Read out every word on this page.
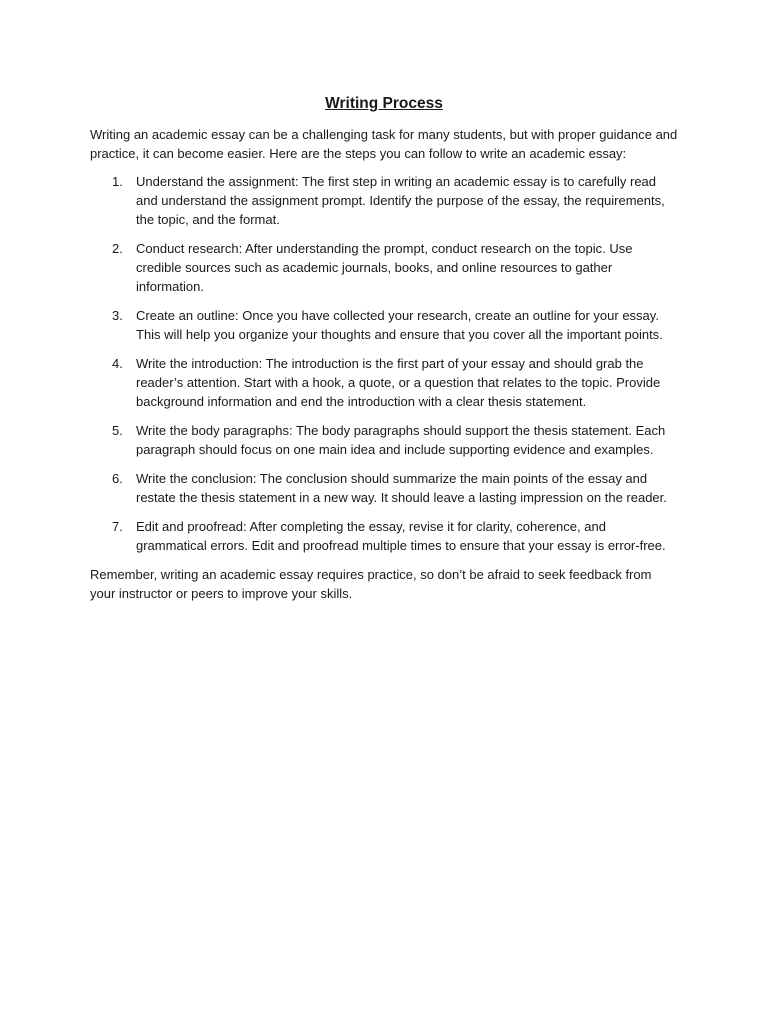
Writing Process

Writing an academic essay can be a challenging task for many students, but with proper guidance and practice, it can become easier. Here are the steps you can follow to write an academic essay:

1.	Understand the assignment: The first step in writing an academic essay is to carefully read and understand the assignment prompt. Identify the purpose of the essay, the requirements, the topic, and the format.
2.	Conduct research: After understanding the prompt, conduct research on the topic. Use credible sources such as academic journals, books, and online resources to gather information.
3.	Create an outline: Once you have collected your research, create an outline for your essay. This will help you organize your thoughts and ensure that you cover all the important points.
4.	Write the introduction: The introduction is the first part of your essay and should grab the reader’s attention. Start with a hook, a quote, or a question that relates to the topic. Provide background information and end the introduction with a clear thesis statement.
5.	Write the body paragraphs: The body paragraphs should support the thesis statement. Each paragraph should focus on one main idea and include supporting evidence and examples.
6.	Write the conclusion: The conclusion should summarize the main points of the essay and restate the thesis statement in a new way. It should leave a lasting impression on the reader.
7.	Edit and proofread: After completing the essay, revise it for clarity, coherence, and grammatical errors. Edit and proofread multiple times to ensure that your essay is error-free.

Remember, writing an academic essay requires practice, so don’t be afraid to seek feedback from your instructor or peers to improve your skills.
